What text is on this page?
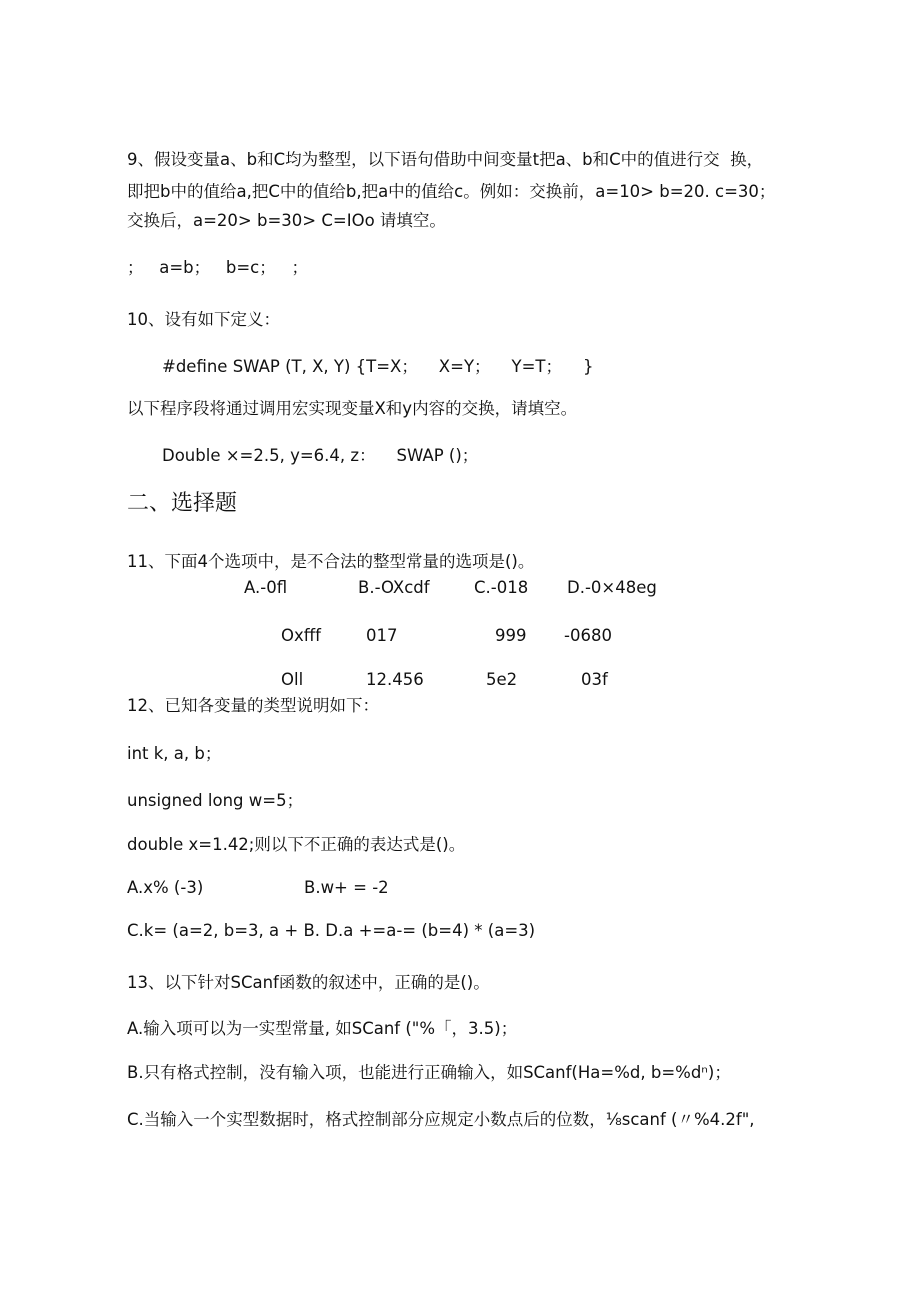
9、假设变量a、b和C均为整型，以下语句借助中间变量t把a、b和C中的值进行交  换，
即把b中的值给a,把C中的值给b,把a中的值给c。例如：交换前，a=10> b=20. c=30；
交换后，a=20> b=30> C=IOo 请填空。
；   a=b；   b=c；   ；
10、设有如下定义：
#define SWAP (T, X, Y) {T=X；    X=Y；    Y=T；    }
以下程序段将通过调用宏实现变量X和y内容的交换，请填空。
Double ×=2.5, y=6.4, z：    SWAP ()；
二、选择题
11、下面4个选项中，是不合法的整型常量的选项是()。
A.-0fl	B.-OXcdf	C.-018 D.-0×48eg
Oxfff	017	999 -0680
Oll	12.456	5e2	03f
12、已知各变量的类型说明如下：
int k, a, b；
unsigned long w=5；
double x=1.42;则以下不正确的表达式是()。
A.x% (-3)	B.w+ = -2
C.k= (a=2, b=3, a + B. D.a +=a-= (b=4) * (a=3)
13、以下针对SCanf函数的叙述中，正确的是()。
A.输入项可以为一实型常量, 如SCanf ("%「，3.5)；
B.只有格式控制，没有输入项，也能进行正确输入，如SCanf(Ha=%d, b=%dⁿ)；
C.当输入一个实型数据时，格式控制部分应规定小数点后的位数，⅛scanf (〃%4.2f",
